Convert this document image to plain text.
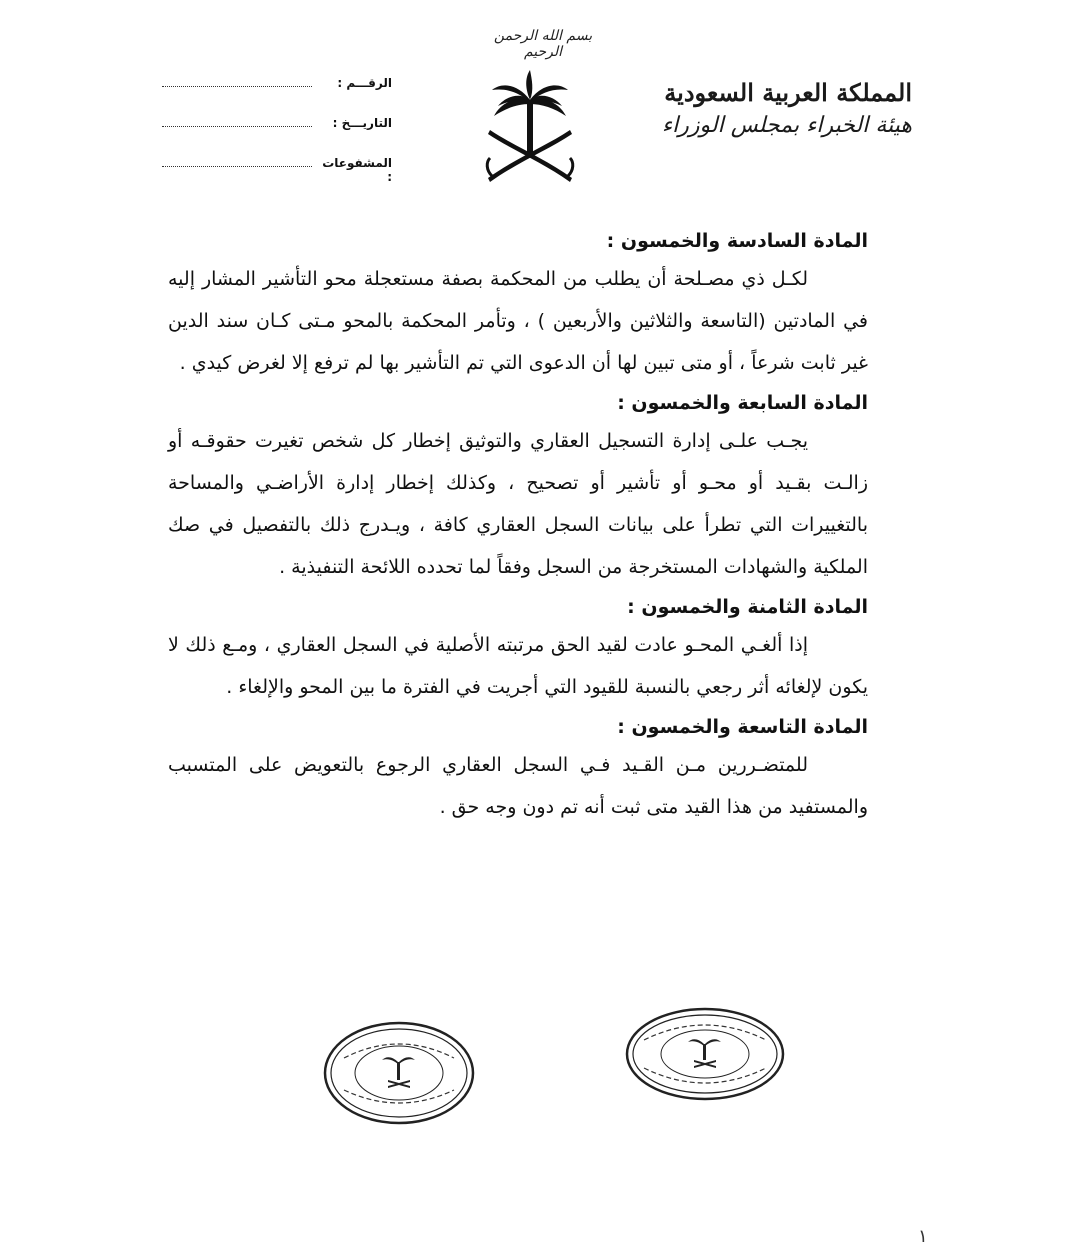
بسم الله الرحمن الرحيم
المملكة العربية السعودية
هيئة الخبراء بمجلس الوزراء
الرقـــم :
التاريـــخ :
المشفوعات :
المادة السادسة والخمسون :
لكـل ذي مصـلحة أن يطلب من المحكمة بصفة مستعجلة محو التأشير المشار إليه في المادتين (التاسعة والثلاثين والأربعين ) ، وتأمر المحكمة بالمحو مـتى كـان سند الدين غير ثابت شرعاً ، أو متى تبين لها أن الدعوى التي تم التأشير بها لم ترفع إلا لغرض كيدي .
المادة السابعة والخمسون :
يجـب علـى إدارة التسجيل العقاري والتوثيق إخطار كل شخص تغيرت حقوقـه أو زالـت بقـيد أو محـو أو تأشير أو تصحيح ، وكذلك إخطار إدارة الأراضـي والمساحة بالتغييرات التي تطرأ على بيانات السجل العقاري كافة ، ويـدرج ذلك بالتفصيل في صك الملكية والشهادات المستخرجة من السجل وفقاً لما تحدده اللائحة التنفيذية .
المادة الثامنة والخمسون :
إذا ألغـي المحـو عادت لقيد الحق مرتبته الأصلية في السجل العقاري ، ومـع ذلك لا يكون لإلغائه أثر رجعي بالنسبة للقيود التي أجريت في الفترة ما بين المحو والإلغاء .
المادة التاسعة والخمسون :
للمتضـررين مـن القـيد فـي السجل العقاري الرجوع بالتعويض على المتسبب والمستفيد من هذا القيد متى ثبت أنه تم دون وجه حق .
١
